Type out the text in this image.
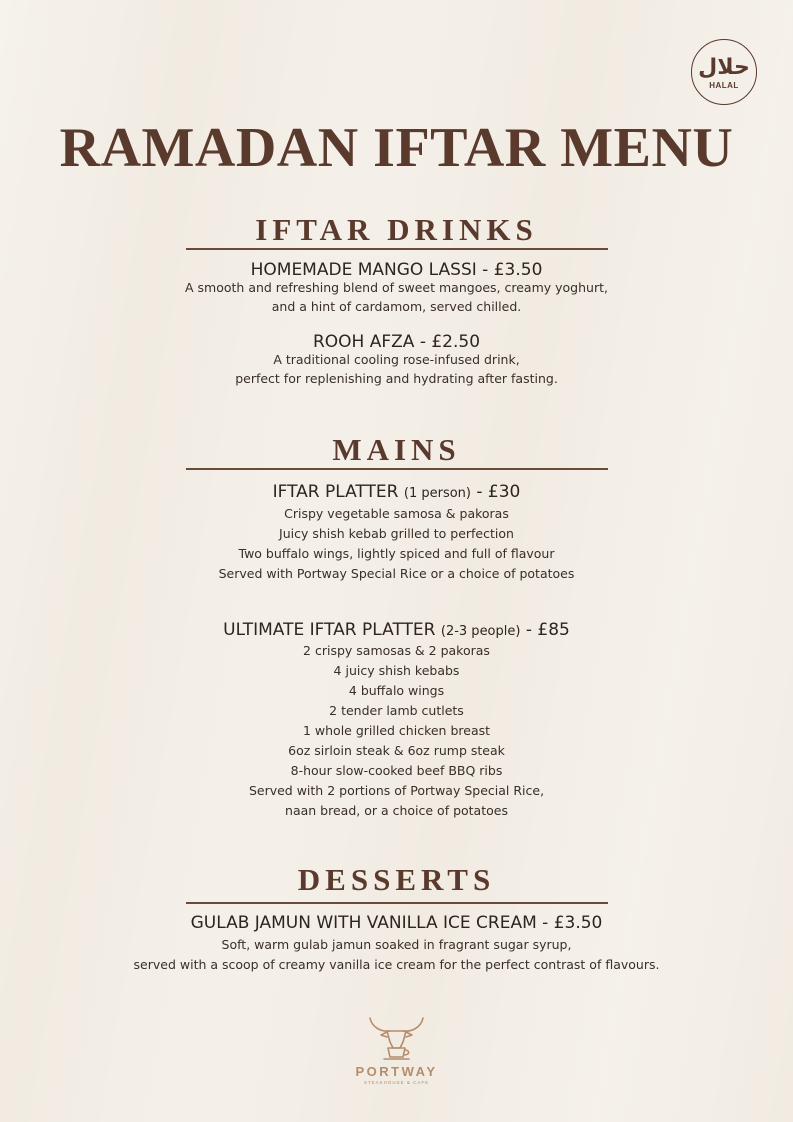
حلال
HALAL
RAMADAN IFTAR MENU
IFTAR DRINKS
HOMEMADE MANGO LASSI - £3.50
A smooth and refreshing blend of sweet mangoes, creamy yoghurt,
and a hint of cardamom, served chilled.
ROOH AFZA - £2.50
A traditional cooling rose-infused drink,
perfect for replenishing and hydrating after fasting.
MAINS
IFTAR PLATTER (1 person) - £30
Crispy vegetable samosa & pakoras
Juicy shish kebab grilled to perfection
Two buffalo wings, lightly spiced and full of flavour
Served with Portway Special Rice or a choice of potatoes
ULTIMATE IFTAR PLATTER (2-3 people) - £85
2 crispy samosas & 2 pakoras
4 juicy shish kebabs
4 buffalo wings
2 tender lamb cutlets
1 whole grilled chicken breast
6oz sirloin steak & 6oz rump steak
8-hour slow-cooked beef BBQ ribs
Served with 2 portions of Portway Special Rice,
naan bread, or a choice of potatoes
DESSERTS
GULAB JAMUN WITH VANILLA ICE CREAM - £3.50
Soft, warm gulab jamun soaked in fragrant sugar syrup,
served with a scoop of creamy vanilla ice cream for the perfect contrast of flavours.
PORTWAY
STEAKHOUSE & CAFE
